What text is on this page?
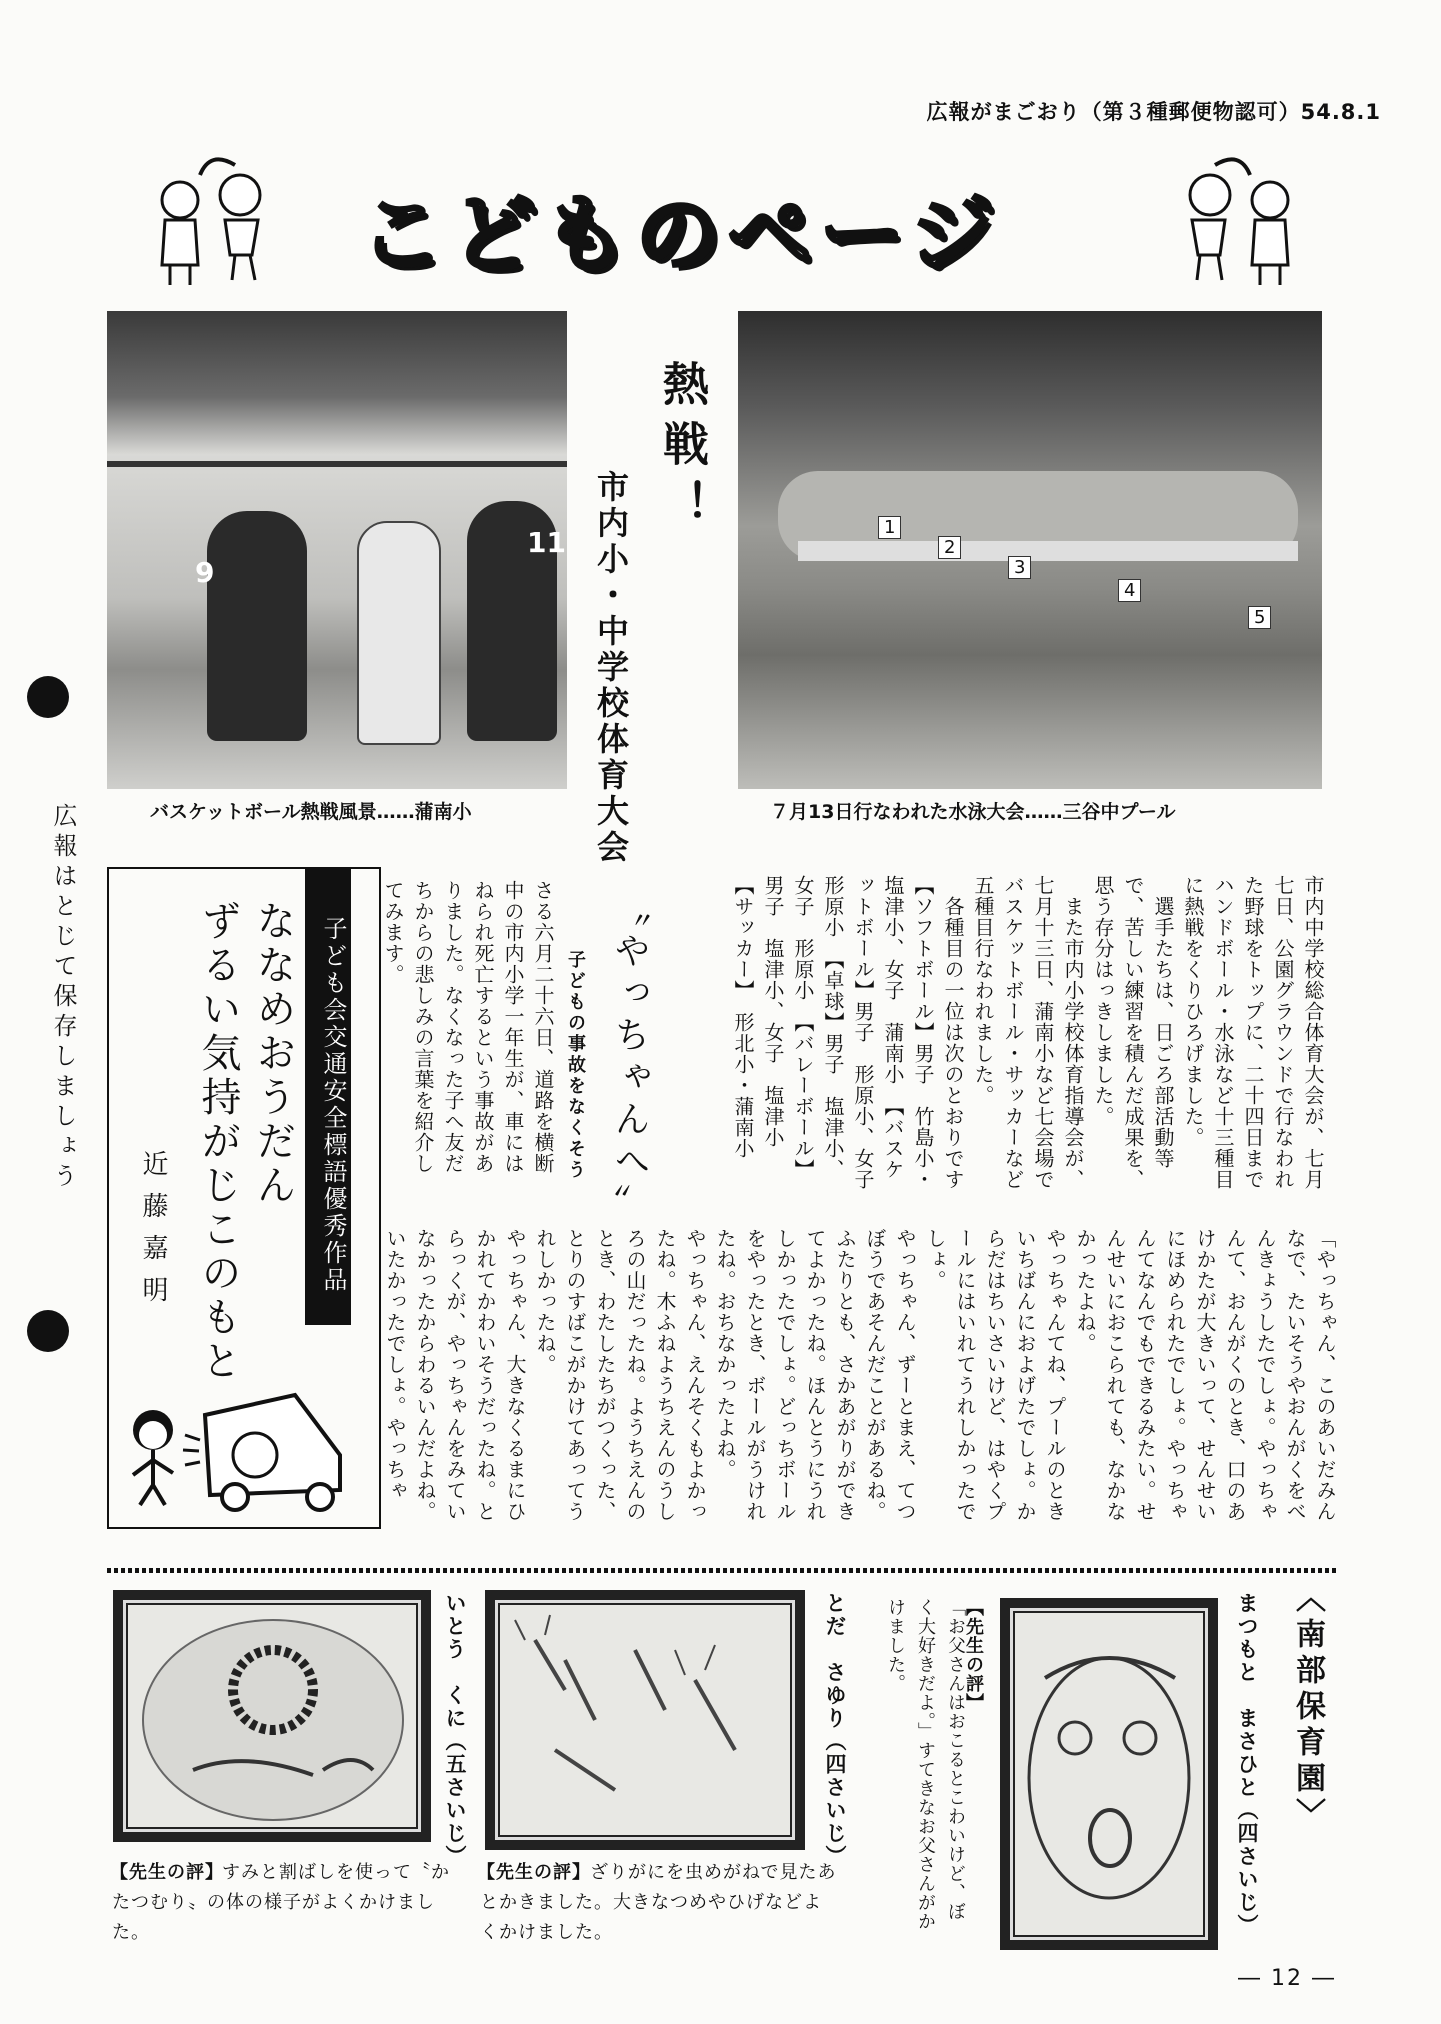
広報がまごおり（第３種郵便物認可）54.8.1
こどものページ
9
11	1
2
3
4
5
熱戦！
市内小・中学校体育大会
バスケットボール熱戦風景……蒲南小	７月13日行なわれた水泳大会……三谷中プール
広報はとじて保存しましょう	市内中学校総合体育大会が、七月七日、公園グラウンドで行なわれた野球をトップに、二十四日までハンドボール・水泳など十三種目に熱戦をくりひろげました。
　選手たちは、日ごろ部活動等で、苦しい練習を積んだ成果を、思う存分はっきしました。
　また市内小学校体育指導会が、七月十三日、蒲南小など七会場でバスケットボール・サッカーなど五種目行なわれました。
　各種目の一位は次のとおりです
【ソフトボール】男子　竹島小・塩津小、女子　蒲南小　【バスケットボール】男子　形原小、女子　形原小　【卓球】男子　塩津小、女子　形原小　【バレーボール】男子　塩津小、女子　塩津小　【サッカー】　形北小・蒲南小
〝やっちゃんへ〟
子どもの事故をなくそう
さる六月二十六日、道路を横断中の市内小学一年生が、車にはねられ死亡するという事故がありました。なくなった子へ友だちからの悲しみの言葉を紹介してみます。
「やっちゃん、このあいだみんなで、たいそうやおんがくをべんきょうしたでしょ。やっちゃんて、おんがくのとき、口のあけかたが大きいって、せんせいにほめられたでしょ。やっちゃんてなんでもできるみたい。せんせいにおこられても、なかなかったよね。
やっちゃんてね、プールのときいちばんにおよげたでしょ。からだはちいさいけど、はやくプールにはいれてうれしかったでしょ。
やっちゃん、ずーとまえ、てつぼうであそんだことがあるね。ふたりとも、さかあがりができてよかったね。ほんとうにうれしかったでしょ。どっちボールをやったとき、ボールがうけれたね。おちなかったよね。
やっちゃん、えんそくもよかったね。木ふねようちえんのうしろの山だったね。ようちえんのとき、わたしたちがつくった、とりのすばこがかけてあってうれしかったね。
やっちゃん、大きなくるまにひかれてかわいそうだったね。とらっくが、やっちゃんをみていなかったからわるいんだよね。いたかったでしょ。やっちゃ
子ども会交通安全標語優秀作品
ななめおうだん
ずるい気持がじこのもと
近藤嘉明
〈南部保育園〉
まつもと　まさひと（四さいじ）
【先生の評】
「お父さんはおこるとこわいけど、ぼく大好きだよ。」すてきなお父さんがかけました。
とだ　さゆり（四さいじ）
【先生の評】 ざりがにを虫めがねで見たあとかきました。大きなつめやひげなどよくかけました。
いとう　くに（五さいじ）
【先生の評】
すみと割ばしを使って〝かたつむり〟の体の様子がよくかけました。
― 12 ―
